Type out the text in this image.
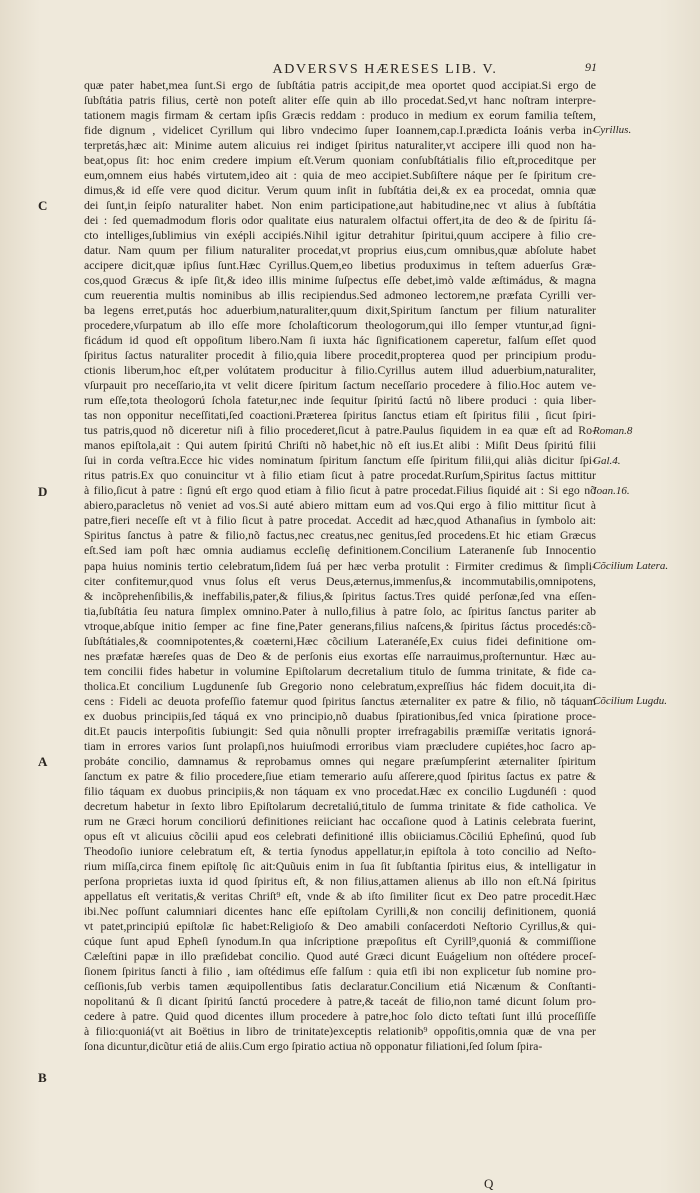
ADVERSVS HÆRESES LIB. V.	91
quæ pater habet,mea ſunt.Si ergo de ſubſtátia patris accipit,de mea oportet quod accipiat.Si ergo de
ſubſtátia patris filius, certè non poteſt aliter eſſe quin ab illo procedat.Sed,vt hanc noſtram interpre-
tationem magis firmam & certam ipſis Græcis reddam : produco in medium ex eorum familia teſtem,
fide dignum , videlicet Cyrillum qui libro vndecimo ſuper Ioannem,cap.I.prædicta Ioánis verba in-
terpretás,hæc ait: Minime autem alicuius rei indiget ſpiritus naturaliter,vt accipere illi quod non ha-
beat,opus ſit: hoc enim credere impium eſt.Verum quoniam conſubſtátialis filio eſt,proceditque per
eum,omnem eius habés virtutem,ideo ait : quia de meo accipiet.Subſiſtere náque per ſe ſpiritum cre-
dimus,& id eſſe vere quod dicitur. Verum quum inſit in ſubſtátia dei,& ex ea procedat, omnia quæ
dei ſunt,in ſeipſo naturaliter habet. Non enim participatione,aut habitudine,nec vt alius à ſubſtátia
dei : ſed quemadmodum floris odor qualitate eius naturalem olfactui offert,ita de deo & de ſpiritu ſá-
cto intelliges,ſublimius vin exépli accipiés.Nihil igitur detrahitur ſpiritui,quum accipere à filio cre-
datur. Nam quum per filium naturaliter procedat,vt proprius eius,cum omnibus,quæ abſolute habet
accipere dicit,quæ ipſius ſunt.Hæc Cyrillus.Quem,eo libetius produximus in teſtem aduerſus Græ-
cos,quod Græcus & ipſe ſit,& ideo illis minime ſuſpectus eſſe debet,imò valde æſtimádus, & magna
cum reuerentia multis nominibus ab illis recipiendus.Sed admoneo lectorem,ne præfata Cyrilli ver-
ba legens erret,putás hoc aduerbium,naturaliter,quum dixit,Spiritum ſanctum per filium naturaliter
procedere,vſurpatum ab illo eſſe more ſcholaſticorum theologorum,qui illo ſemper vtuntur,ad ſigni-
ficádum id quod eſt oppoſitum libero.Nam ſi iuxta hác ſignificationem caperetur, falſum eſſet quod
ſpiritus ſactus naturaliter procedit à filio,quia libere procedit,propterea quod per principium produ-
ctionis liberum,hoc eſt,per volútatem producitur à filio.Cyrillus autem illud aduerbium,naturaliter,
vſurpauit pro neceſſario,ita vt velit dicere ſpiritum ſactum neceſſario procedere à filio.Hoc autem ve-
rum eſſe,tota theologorú ſchola fatetur,nec inde ſequitur ſpiritú ſactú nõ libere produci : quia liber-
tas non opponitur neceſſitati,ſed coactioni.Præterea ſpiritus ſanctus etiam eſt ſpiritus filii , ſicut ſpiri-
tus patris,quod nõ diceretur niſi à filio procederet,ſicut à patre.Paulus ſiquidem in ea quæ eſt ad Ro-
manos epiſtola,ait : Qui autem ſpiritú Chriſti nõ habet,hic nõ eſt ius.Et alibi : Miſit Deus ſpiritú filii
ſui in corda veſtra.Ecce hic vides nominatum ſpiritum ſanctum eſſe ſpiritum filii,qui aliàs dicitur ſpi-
ritus patris.Ex quo conuincitur vt à filio etiam ſicut à patre procedat.Rurſum,Spiritus ſactus mittitur
à filio,ſicut à patre : ſignú eſt ergo quod etiam à filio ſicut à patre procedat.Filius ſiquidé ait : Si ego nõ
abiero,paracletus nõ veniet ad vos.Si auté abiero mittam eum ad vos.Qui ergo à filio mittitur ſicut à
patre,fieri neceſſe eſt vt à filio ſicut à patre procedat. Accedit ad hæc,quod Athanaſius in ſymbolo ait:
Spiritus ſanctus à patre & filio,nõ factus,nec creatus,nec genitus,ſed procedens.Et hic etiam Græcus
eſt.Sed iam poſt hæc omnia audiamus eccleſię definitionem.Concilium Lateranenſe ſub Innocentio
papa huius nominis tertio celebratum,ſidem ſuá per hæc verba protulit : Firmiter credimus & ſimpli-
citer confitemur,quod vnus ſolus eſt verus Deus,æternus,immenſus,& incommutabilis,omnipotens,
& incõprehenſibilis,& ineffabilis,pater,& filius,& ſpiritus ſactus.Tres quidé perſonæ,ſed vna eſſen-
tia,ſubſtátia ſeu natura ſimplex omnino.Pater à nullo,filius à patre ſolo, ac ſpiritus ſanctus pariter ab
vtroque,abſque initio ſemper ac fine fine,Pater generans,filius naſcens,& ſpiritus ſáctus procedés:cõ-
ſubſtátiales,& coomnipotentes,& coæterni,Hæc cõcilium Lateranéſe,Ex cuius fidei definitione om-
nes præfatæ hæreſes quas de Deo & de perſonis eius exortas eſſe narrauimus,proſternuntur. Hæc au-
tem concilii fides habetur in volumine Epiſtolarum decretalium titulo de ſumma trinitate, & fide ca-
tholica.Et concilium Lugdunenſe ſub Gregorio nono celebratum,expreſſius hác fidem docuit,ita di-
cens : Fideli ac deuota profeſſio fatemur quod ſpiritus ſanctus æternaliter ex patre & filio, nõ táquam
ex duobus principiis,ſed táquá ex vno principio,nõ duabus ſpirationibus,ſed vnica ſpiratione proce-
dit.Et paucis interpoſitis ſubiungit: Sed quia nõnulli propter irrefragabilis præmiſſæ veritatis ignorá-
tiam in errores varios ſunt prolapſi,nos huiuſmodi erroribus viam præcludere cupiétes,hoc ſacro ap-
probáte concilio, damnamus & reprobamus omnes qui negare præſumpſerint æternaliter ſpiritum
ſanctum ex patre & filio procedere,ſiue etiam temerario auſu aſſerere,quod ſpiritus ſactus ex patre &
filio táquam ex duobus principiis,& non táquam ex vno procedat.Hæc ex concilio Lugdunéſi : quod
decretum habetur in ſexto libro Epiſtolarum decretaliú,titulo de ſumma trinitate & fide catholica. Ve
rum ne Græci horum conciliorú definitiones reiiciant hac occaſione quod à Latinis celebrata fuerint,
opus eſt vt alicuius cõcilii apud eos celebrati definitioné illis obiiciamus.Cõciliú Epheſinú, quod ſub
Theodoſio iuniore celebratum eſt, & tertia ſynodus appellatur,in epiſtola à toto concilio ad Neſto-
rium miſſa,circa finem epiſtolę ſic ait:Quũuis enim in ſua ſit ſubſtantia ſpiritus eius, & intelligatur in
perſona proprietas iuxta id quod ſpiritus eſt, & non filius,attamen alienus ab illo non eſt.Ná ſpiritus
appellatus eſt veritatis,& veritas Chriſt⁹ eſt, vnde & ab iſto ſimiliter ſicut ex Deo patre procedit.Hæc
ibi.Nec poſſunt calumniari dicentes hanc eſſe epiſtolam Cyrilli,& non concilij definitionem, quoniá
vt patet,principiú epiſtolæ ſic habet:Religioſo & Deo amabili conſacerdoti Neſtorio Cyrillus,& qui-
cúque ſunt apud Epheſi ſynodum.In qua inſcriptione præpoſitus eſt Cyrill⁹,quoniá & commiſſione
Cæleſtini papæ in illo præſidebat concilio. Quod auté Græci dicunt Euágelium non oſtédere proceſ-
ſionem ſpiritus ſancti à filio , iam oſtédimus eſſe falſum : quia etſi ibi non explicetur ſub nomine pro-
ceſſionis,ſub verbis tamen æquipollentibus ſatis declaratur.Concilium etiá Nicænum & Conſtanti-
nopolitanú & ſi dicant ſpiritú ſanctú procedere à patre,& taceát de filio,non tamé dicunt ſolum pro-
cedere à patre. Quid quod dicentes illum procedere à patre,hoc ſolo dicto teſtati ſunt illú proceſſiſſe
à filio:quoniá(vt ait Boëtius in libro de trinitate)exceptis relationib⁹ oppoſitis,omnia quæ de vna per
ſona dicuntur,dicũtur etiá de aliis.Cum ergo ſpiratio actiua nõ opponatur filiationi,ſed ſolum ſpira-
Cyrillus.
Roman.8
Gal.4.
Ioan.16.
Cõcilium Latera.
Cõcilium Lugdu.
C
D
A
B
Q
